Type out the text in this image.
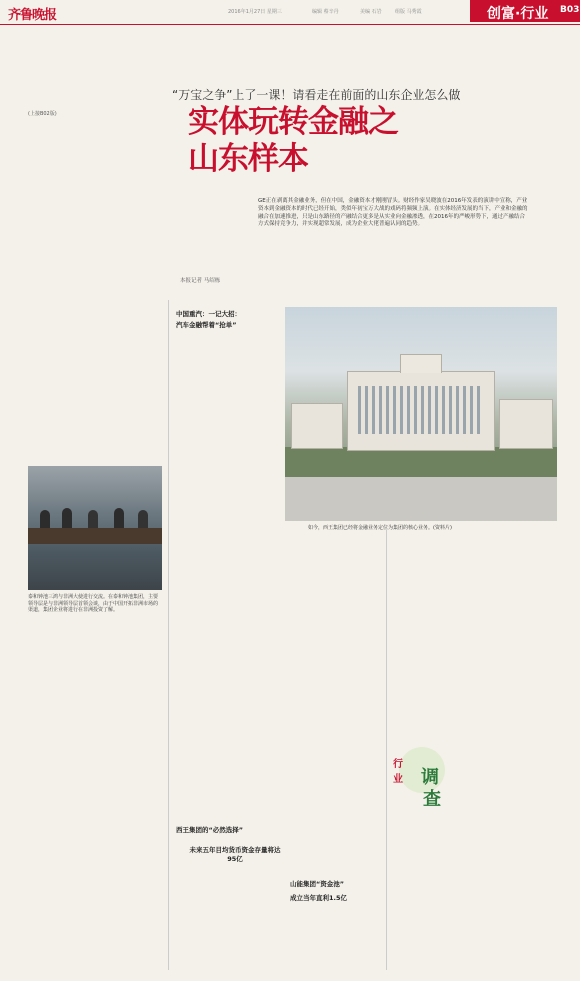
齐鲁晚报	2016年1月27日 星期三	编辑 蔡辛丹	美编 石岩	组版 马秀霞	创富·行业 B03
“万宝之争”上了一课！请看走在前面的山东企业怎么做
实体玩转金融之
山东样本
GE正在剥离其金融业务，但在中国，金融资本才刚刚冒头。财经作家吴晓波在2016年发表的演讲中宣称，产业资本到金融资本的时代已经开始，类似年初宝万大战的戏码将频频上演。在实体经济发展的当下，产业和金融的融合在加速推进，只是山东路径的产融结合更多是从实业向金融渗透，在2016年的严峻形势下，通过产融结合方式保持竞争力，并实现超常发展，成为企业大佬普遍认同的趋势。
本报记者 马绍栋
(上接B02版)
泰和钟池三鸿与非洲大使进行交流。在泰和钟池集团，主要领导层是与非洲领导层首领会谈，由于中国开拓非洲市场的渠道，集团企业将进行在非洲投资了解。
中国重汽：一记大招：
汽车金融帮着“抢单”
西王集团的“必然选择”
未来五年目均货币资金存量将达95亿
如今，西王集团已经将金融业务定位为集团的核心业务。(资料片)
行业 调
查
山能集团“资金池”
成立当年直利1.5亿
